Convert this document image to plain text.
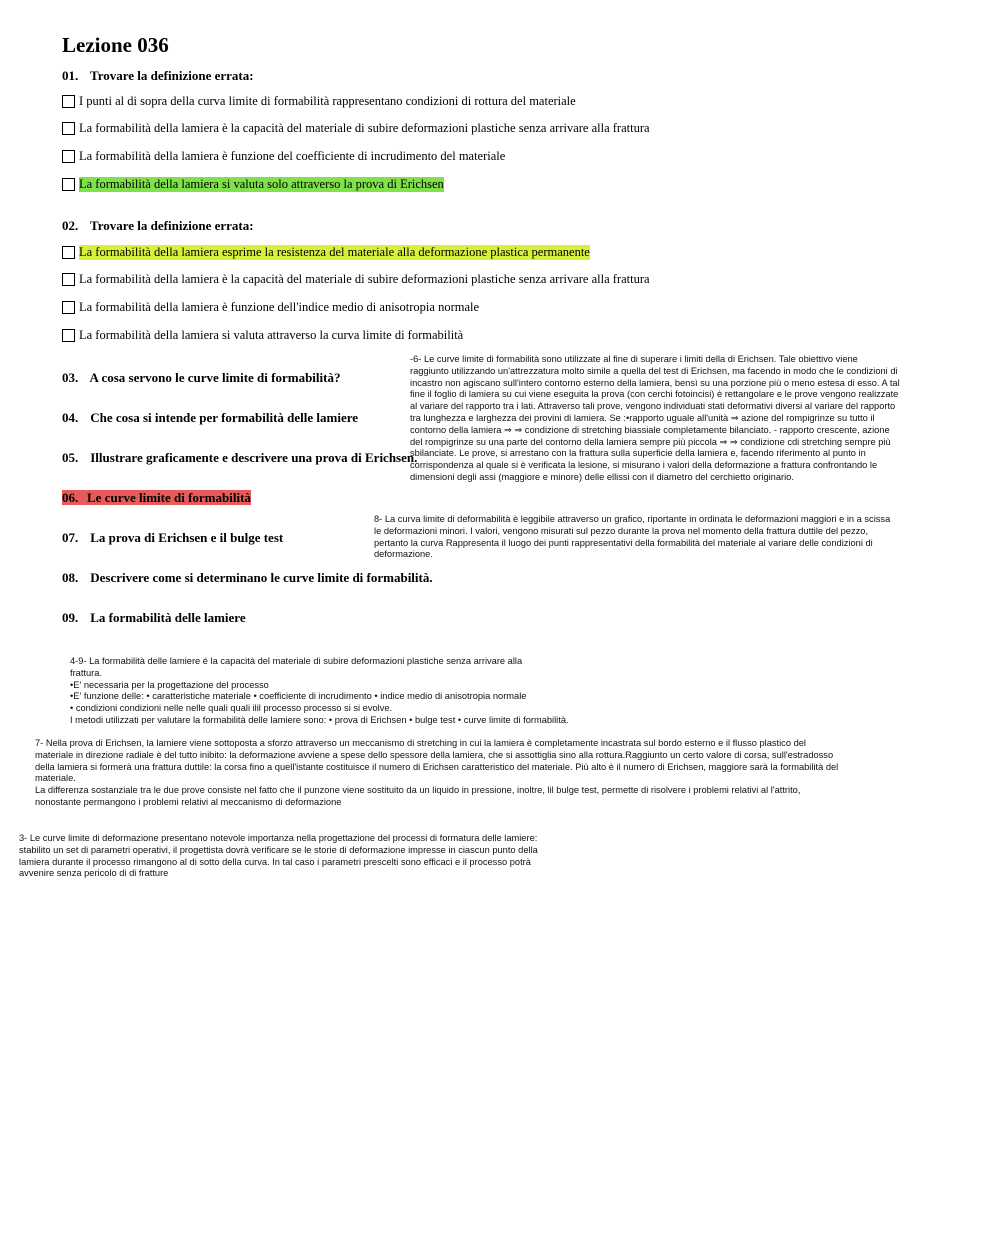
Lezione 036
01. Trovare la definizione errata:
I punti al di sopra della curva limite di formabilità rappresentano condizioni di rottura del materiale
La formabilità della lamiera è la capacità del materiale di subire deformazioni plastiche senza arrivare alla frattura
La formabilità della lamiera è funzione del coefficiente di incrudimento del materiale
La formabilità della lamiera si valuta solo attraverso la prova di Erichsen
02. Trovare la definizione errata:
La formabilità della lamiera esprime la resistenza del materiale alla deformazione plastica permanente
La formabilità della lamiera è la capacità del materiale di subire deformazioni plastiche senza arrivare alla frattura
La formabilità della lamiera è funzione dell'indice medio di anisotropia normale
La formabilità della lamiera si valuta attraverso la curva limite di formabilità
03. A cosa servono le curve limite di formabilità?
04. Che cosa si intende per formabilità delle lamiere
05. Illustrare graficamente e descrivere una prova di Erichsen.
06. Le curve limite di formabilità
07. La prova di Erichsen e il bulge test
08. Descrivere come si determinano le curve limite di formabilità.
09. La formabilità delle lamiere

-6- Le curve limite di formabilità sono utilizzate al fine di superare i limiti della di Erichsen. Tale obiettivo viene

raggiunto utilizzando un'attrezzatura molto simile a quella del test di Erichsen, ma facendo in modo che le condizioni di

incastro non agiscano sull'intero contorno esterno della lamiera, bensì su una porzione più o meno estesa di esso. A tal

fine il foglio di lamiera su cui viene eseguita la prova (con cerchi fotoincisi) è rettangolare e le prove vengono realizzate

al variare del rapporto tra i lati. Attraverso tali prove, vengono individuati stati deformativi diversi al variare del rapporto

tra lunghezza e larghezza dei provini di lamiera. Se :•rapporto uguale all'unità ⇒ azione del rompigrinze su tutto il

contorno della lamiera ⇒ ⇒ condizione di stretching biassiale completamente bilanciato. - rapporto crescente, azione

del rompigrinze su una parte del contorno della lamiera sempre più piccola ⇒ ⇒ condizione cdi stretching sempre più

sbilanciate. Le prove, si arrestano con la frattura sulla superficie della lamiera e, facendo riferimento al punto in

corrispondenza al quale si è verificata la lesione, si misurano i valori della deformazione a frattura confrontando le

dimensioni degli assi (maggiore e minore) delle ellissi con il diametro del cerchietto originario.

8- La curva limite di deformabilità è leggibile attraverso un grafico, riportante in ordinata le deformazioni maggiori e in a scissa

le deformazioni minori. I valori, vengono misurati sul pezzo durante la prova nel momento della frattura duttile del pezzo,

pertanto la curva Rappresenta il luogo dei punti rappresentativi della formabilità del materiale al variare delle condizioni di

deformazione.

4-9- La formabilità delle lamiere é la capacità del materiale di subire deformazioni plastiche senza arrivare alla

frattura.

•E' necessaria per la progettazione del processo

•E' funzione delle: • caratteristiche materiale • coefficiente di incrudimento • indice medio di anisotropia normale

• condizioni condizioni nelle nelle quali quali ilil processo processo si si evolve.

I metodi utilizzati per valutare la formabilità delle lamiere sono: • prova di Erichsen • bulge test • curve limite di formabilità.

7- Nella prova di Erichsen, la lamiere viene sottoposta a sforzo attraverso un meccanismo di stretching in cui la lamiera è completamente incastrata sul bordo esterno e il flusso plastico del

materiale in direzione radiale è del tutto inibito: la deformazione avviene a spese dello spessore della lamiera, che si assottiglia sino alla rottura.Raggiunto un certo valore di corsa, sull'estradosso

della lamiera si formerà una frattura duttile: la corsa fino a quell'istante costituisce il numero di Erichsen caratteristico del materiale. Più alto è il numero di Erichsen, maggiore sarà la formabilità del

materiale.

La differenza sostanziale tra le due prove consiste nel fatto che il punzone viene sostituito da un liquido in pressione, inoltre, lil bulge test, permette di risolvere i problemi relativi al l'attrito,

nonostante permangono i problemi relativi al meccanismo di deformazione

3- Le curve limite di deformazione presentano notevole importanza nella progettazione del processi di formatura delle lamiere:

stabilito un set di parametri operativi, il progettista dovrà verificare se le storie di deformazione impresse in ciascun punto della

lamiera durante il processo rimangono al di sotto della curva. In tal caso i parametri prescelti sono efficaci e il processo potrà

avvenire senza pericolo di di fratture
